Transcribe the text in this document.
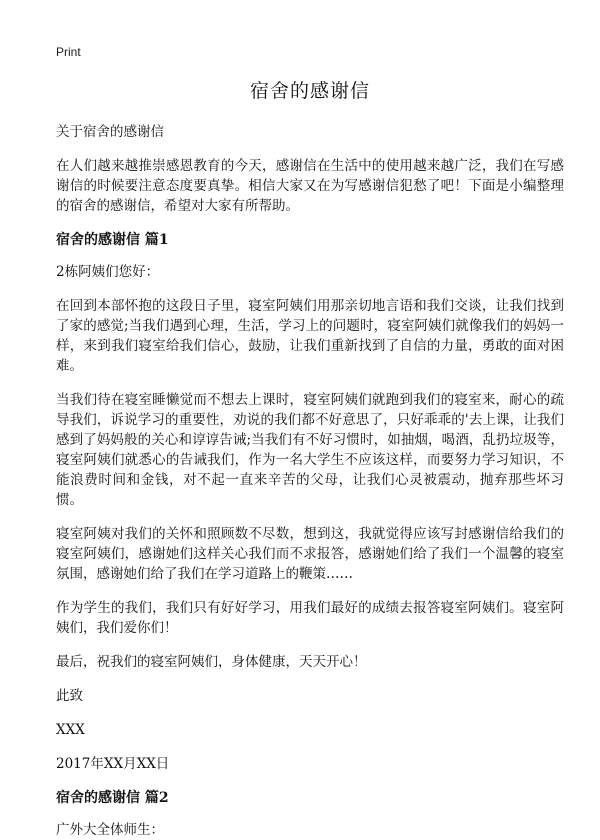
Print
宿舍的感谢信
关于宿舍的感谢信
在人们越来越推崇感恩教育的今天，感谢信在生活中的使用越来越广泛，我们在写感谢信的时候要注意态度要真挚。相信大家又在为写感谢信犯愁了吧！下面是小编整理的宿舍的感谢信，希望对大家有所帮助。
宿舍的感谢信 篇1
2栋阿姨们您好：
在回到本部怀抱的这段日子里，寝室阿姨们用那亲切地言语和我们交谈，让我们找到了家的感觉;当我们遇到心理，生活，学习上的问题时，寝室阿姨们就像我们的妈妈一样，来到我们寝室给我们信心，鼓励，让我们重新找到了自信的力量，勇敢的面对困难。
当我们待在寝室睡懒觉而不想去上课时，寝室阿姨们就跑到我们的寝室来，耐心的疏导我们，诉说学习的重要性，劝说的我们都不好意思了，只好乖乖的'去上课，让我们感到了妈妈般的关心和谆谆告诫;当我们有不好习惯时，如抽烟，喝酒，乱扔垃圾等，寝室阿姨们就悉心的告诫我们，作为一名大学生不应该这样，而要努力学习知识，不能浪费时间和金钱，对不起一直来辛苦的父母，让我们心灵被震动，抛弃那些坏习惯。
寝室阿姨对我们的关怀和照顾数不尽数，想到这，我就觉得应该写封感谢信给我们的寝室阿姨们，感谢她们这样关心我们而不求报答，感谢她们给了我们一个温馨的寝室氛围，感谢她们给了我们在学习道路上的鞭策……
作为学生的我们，我们只有好好学习，用我们最好的成绩去报答寝室阿姨们。寝室阿姨们，我们爱你们！
最后，祝我们的寝室阿姨们，身体健康，天天开心！
此致
XXX
2017年XX月XX日
宿舍的感谢信 篇2
广外大全体师生：
